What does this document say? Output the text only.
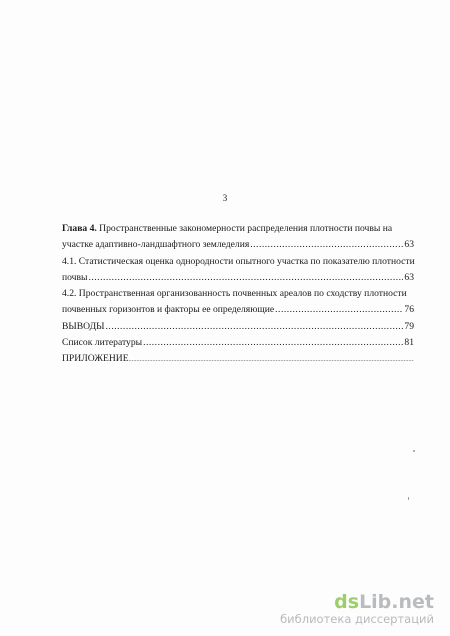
3
Глава 4. Пространственные закономерности распределения плотности почвы на
участке адаптивно-ландшафтного земледелия .....	63
4.1. Статистическая оценка однородности опытного участка по показателю плотности
почвы .....	63
4.2. Пространственная организованность почвенных ареалов по сходству плотности
почвенных горизонтов и факторы ее определяющие .....	76
ВЫВОДЫ .....	79
Список литературы .....	81
ПРИЛОЖЕНИЕ
.....
dsLib.net
библиотека диссертаций
